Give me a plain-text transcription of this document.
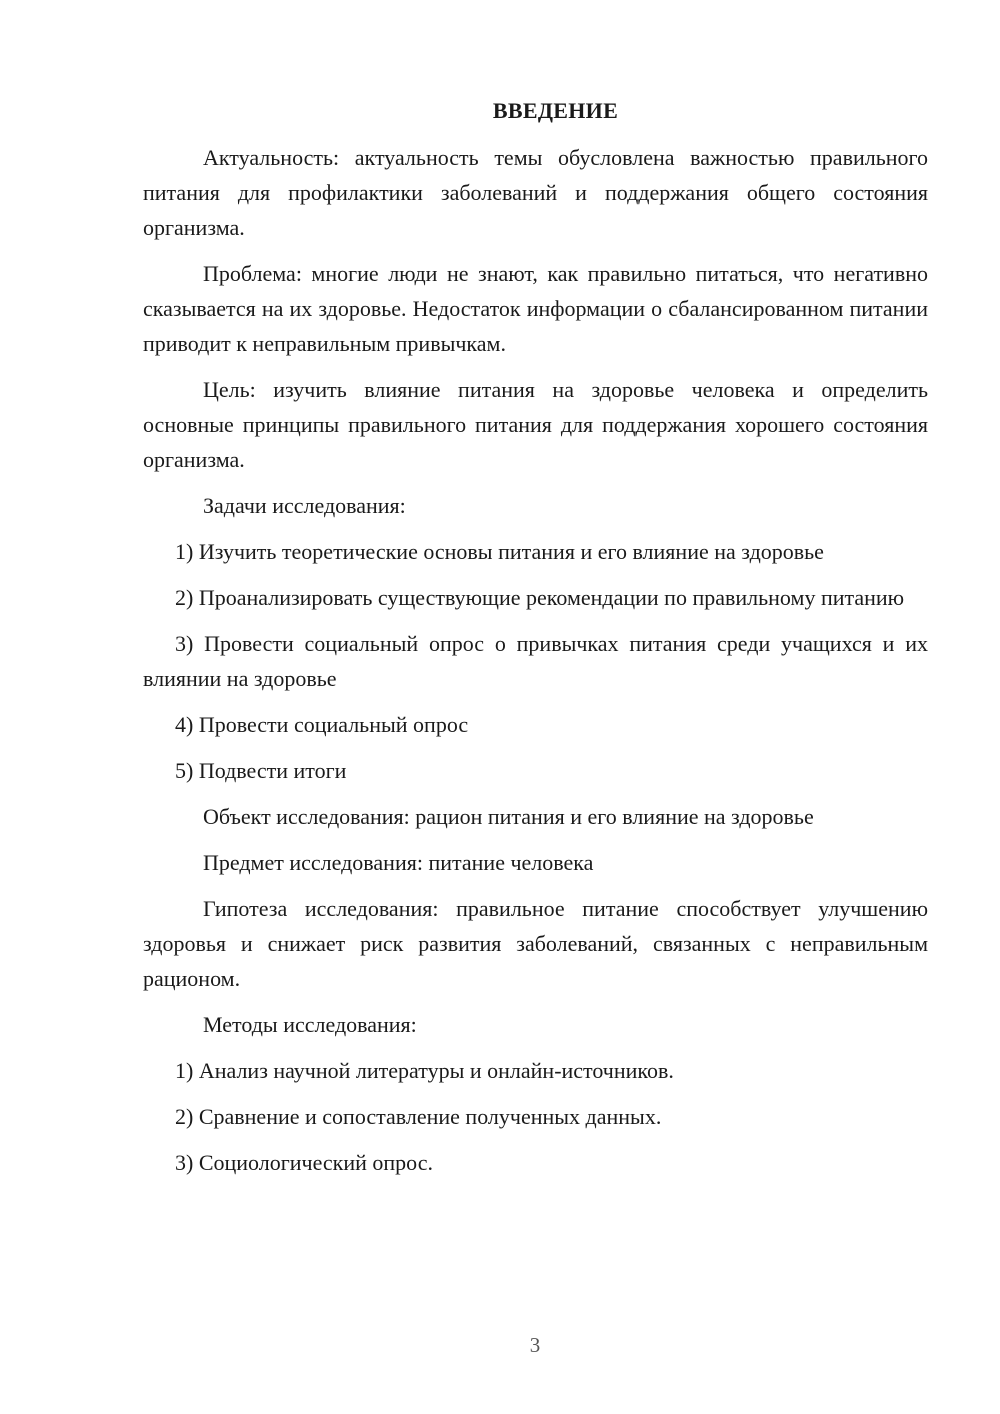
ВВЕДЕНИЕ

Актуальность: актуальность темы обусловлена важностью правильного питания для профилактики заболеваний и поддержания общего состояния организма.

Проблема: многие люди не знают, как правильно питаться, что негативно сказывается на их здоровье. Недостаток информации о сбалансированном питании приводит к неправильным привычкам.

Цель: изучить влияние питания на здоровье человека и определить основные принципы правильного питания для поддержания хорошего состояния организма.

Задачи исследования:

1) Изучить теоретические основы питания и его влияние на здоровье

2) Проанализировать существующие рекомендации по правильному питанию

3) Провести социальный опрос о привычках питания среди учащихся и их влиянии на здоровье

4) Провести социальный опрос

5) Подвести итоги

Объект исследования: рацион питания и его влияние на здоровье

Предмет исследования: питание человека

Гипотеза исследования: правильное питание способствует улучшению здоровья и снижает риск развития заболеваний, связанных с неправильным рационом.

Методы исследования:

1) Анализ научной литературы и онлайн-источников.

2) Сравнение и сопоставление полученных данных.

3) Социологический опрос.

3
